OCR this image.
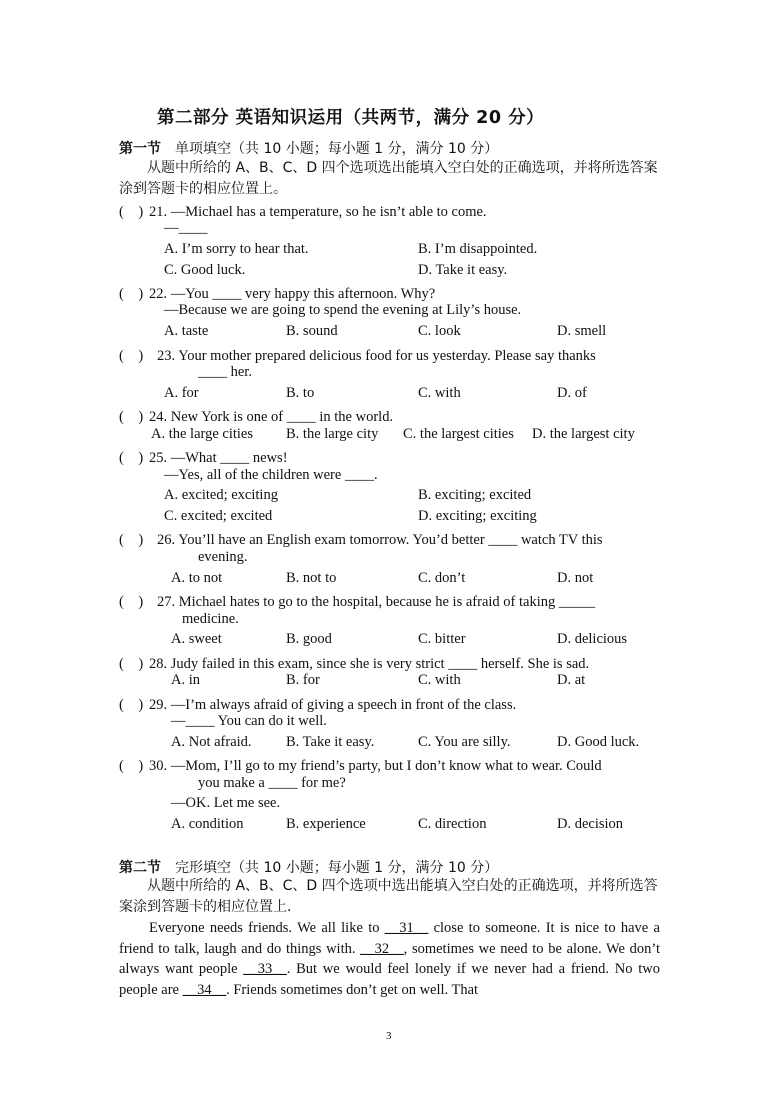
第二部分 英语知识运用（共两节，满分 20 分）
第一节 单项填空（共 10 小题；每小题 1 分，满分 10 分）
从题中所给的 A、B、C、D 四个选项选出能填入空白处的正确选项，并将所选答案涂到答题卡的相应位置上。
(　) 21. —Michael has a temperature, so he isn’t able to come.
—____
A. I’m sorry to hear that.	B. I’m disappointed.
C. Good luck.	D. Take it easy.
(　) 22. —You ____ very happy this afternoon. Why?
—Because we are going to spend the evening at Lily’s house.
A. taste	B. sound	C. look	D. smell
(　) 23. Your mother prepared delicious food for us yesterday. Please say thanks
____ her.
A. for	B. to	C. with	D. of
(　) 24. New York is one of ____ in the world.
A. the large cities B. the large city C. the largest cities D. the largest city
(　) 25. —What ____ news!
—Yes, all of the children were ____.
A. excited; exciting	B. exciting; excited
C. excited; excited	D. exciting; exciting
(　) 26. You’ll have an English exam tomorrow. You’d better ____ watch TV this
evening.
A. to not	B. not to	C. don’t	D. not
(　) 27. Michael hates to go to the hospital, because he is afraid of taking _____
medicine.
A. sweet	B. good	C. bitter	D. delicious
(　) 28. Judy failed in this exam, since she is very strict ____ herself. She is sad.
A. in	B. for	C. with	D. at
(　) 29. —I’m always afraid of giving a speech in front of the class.
—____ You can do it well.
A. Not afraid. B. Take it easy.	C. You are silly.	D. Good luck.
(　) 30. —Mom, I’ll go to my friend’s party, but I don’t know what to wear. Could
you make a ____ for me?
—OK. Let me see.
A. condition	B. experience	C. direction	D. decision
第二节 完形填空（共 10 小题；每小题 1 分，满分 10 分）
从题中所给的 A、B、C、D 四个选项中选出能填入空白处的正确选项，并将所选答案涂到答题卡的相应位置上.

Everyone needs friends. We all like to __31__ close to someone. It is nice to have a friend to talk, laugh and do things with. __32__, sometimes we need to be alone. We don’t always want people __33__. But we would feel lonely if we never had a friend. No two people are __34__. Friends sometimes don’t get on well. That

3
